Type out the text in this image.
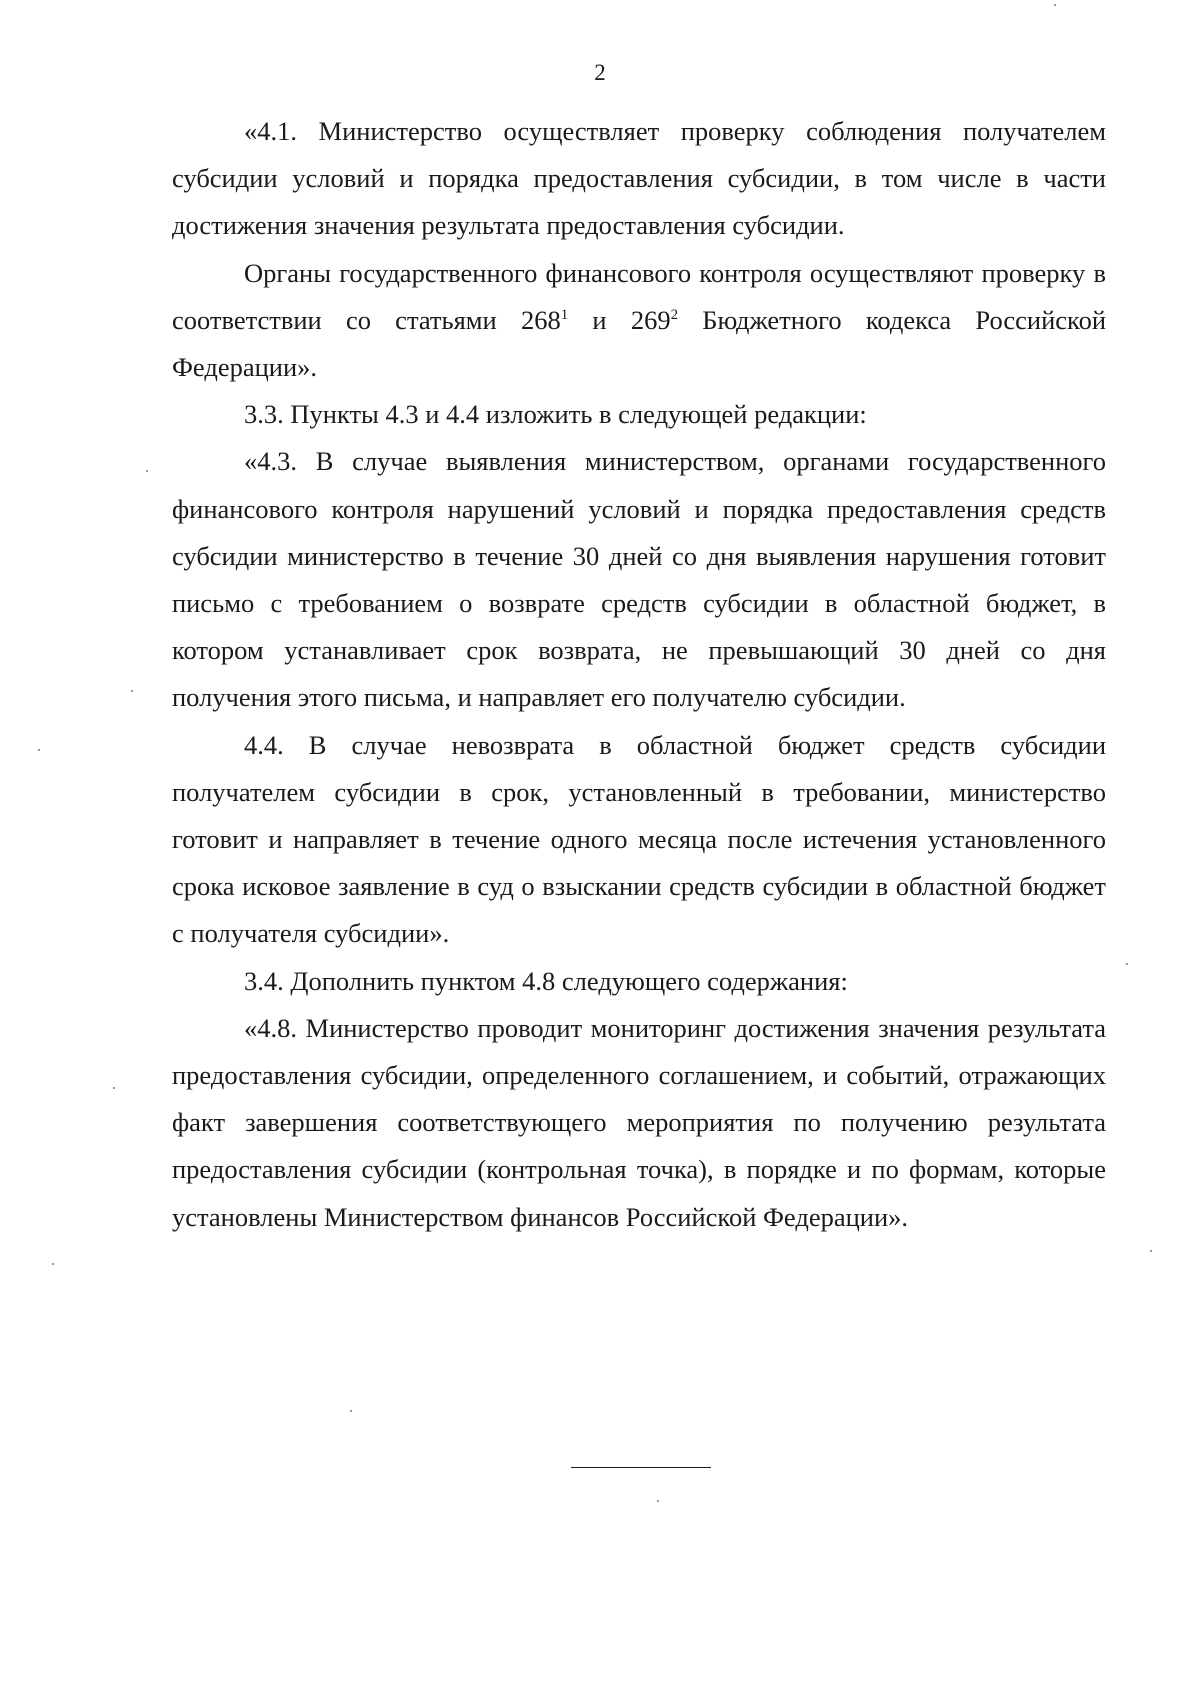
2

«4.1. Министерство осуществляет проверку соблюдения получателем субсидии условий и порядка предоставления субсидии, в том числе в части достижения значения результата предоставления субсидии.

Органы государственного финансового контроля осуществляют проверку в соответствии со статьями $268^1$ и $269^2$ Бюджетного кодекса Российской Федерации».

3.3. Пункты 4.3 и 4.4 изложить в следующей редакции:

«4.3. В случае выявления министерством, органами государственного финансового контроля нарушений условий и порядка предоставления средств субсидии министерство в течение 30 дней со дня выявления нарушения готовит письмо с требованием о возврате средств субсидии в областной бюджет, в котором устанавливает срок возврата, не превышающий 30 дней со дня получения этого письма, и направляет его получателю субсидии.

4.4. В случае невозврата в областной бюджет средств субсидии получателем субсидии в срок, установленный в требовании, министерство готовит и направляет в течение одного месяца после истечения установленного срока исковое заявление в суд о взыскании средств субсидии в областной бюджет с получателя субсидии».

3.4. Дополнить пунктом 4.8 следующего содержания:

«4.8. Министерство проводит мониторинг достижения значения результата предоставления субсидии, определенного соглашением, и событий, отражающих факт завершения соответствующего мероприятия по получению результата предоставления субсидии (контрольная точка), в порядке и по формам, которые установлены Министерством финансов Российской Федерации».
